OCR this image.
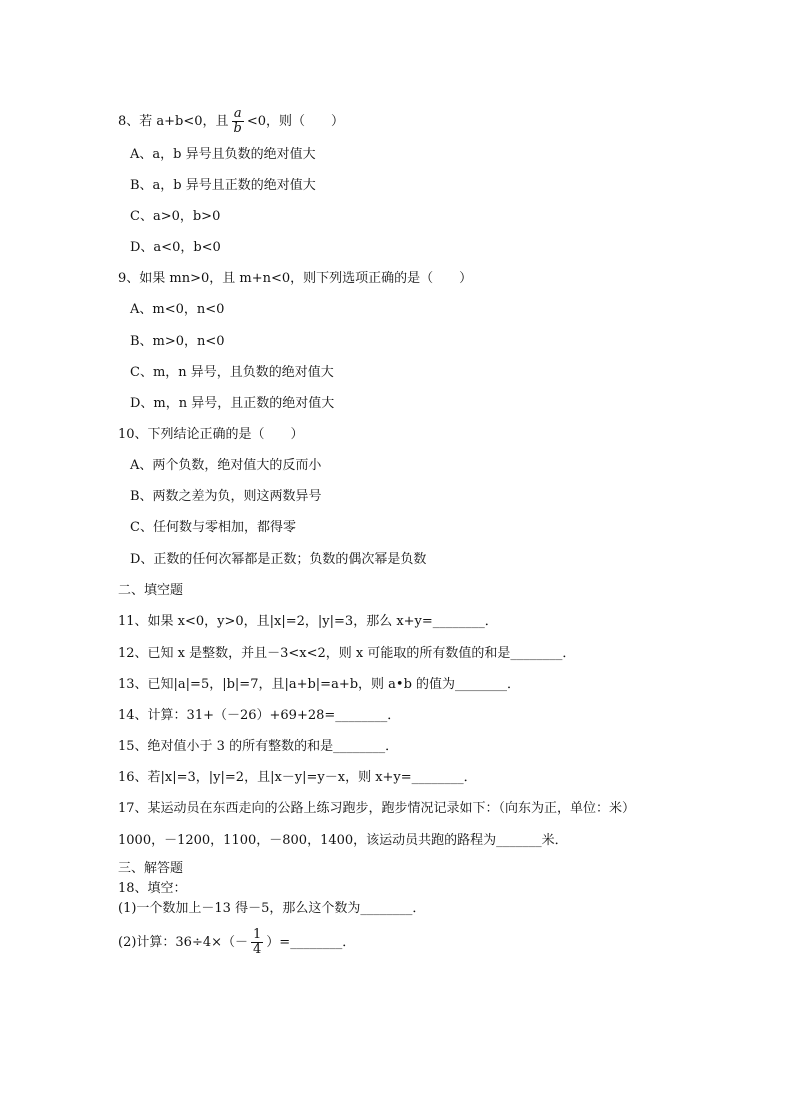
8、若 a+b<0，且 $\frac{a}{b} <0$，则（　　）
A、a，b 异号且负数的绝对值大
B、a，b 异号且正数的绝对值大
C、a>0，b>0
D、a<0，b<0
9、如果 mn>0，且 m+n<0，则下列选项正确的是（　　）
A、m<0，n<0
B、m>0，n<0
C、m，n 异号，且负数的绝对值大
D、m，n 异号，且正数的绝对值大
10、下列结论正确的是（　　）
A、两个负数，绝对值大的反而小
B、两数之差为负，则这两数异号
C、任何数与零相加，都得零
D、正数的任何次幂都是正数；负数的偶次幂是负数
二、填空题
11、如果 x<0，y>0，且|x|=2，|y|=3，那么 x+y=________．
12、已知 x 是整数，并且－3<x<2，则 x 可能取的所有数值的和是________．
13、已知|a|=5，|b|=7，且|a+b|=a+b，则 a•b 的值为________．
14、计算：31+（－26）+69+28=________．
15、绝对值小于 3 的所有整数的和是________．
16、若|x|=3，|y|=2，且|x－y|=y－x，则 x+y=________．
17、某运动员在东西走向的公路上练习跑步，跑步情况记录如下：（向东为正，单位：米）
1000，－1200，1100，－800，1400，该运动员共跑的路程为_______米．
三、解答题
18、填空：
(1)一个数加上－13 得－5，那么这个数为________．
(2)计算：$36\div 4\times(- \frac{1}{4}$ ）=________．
